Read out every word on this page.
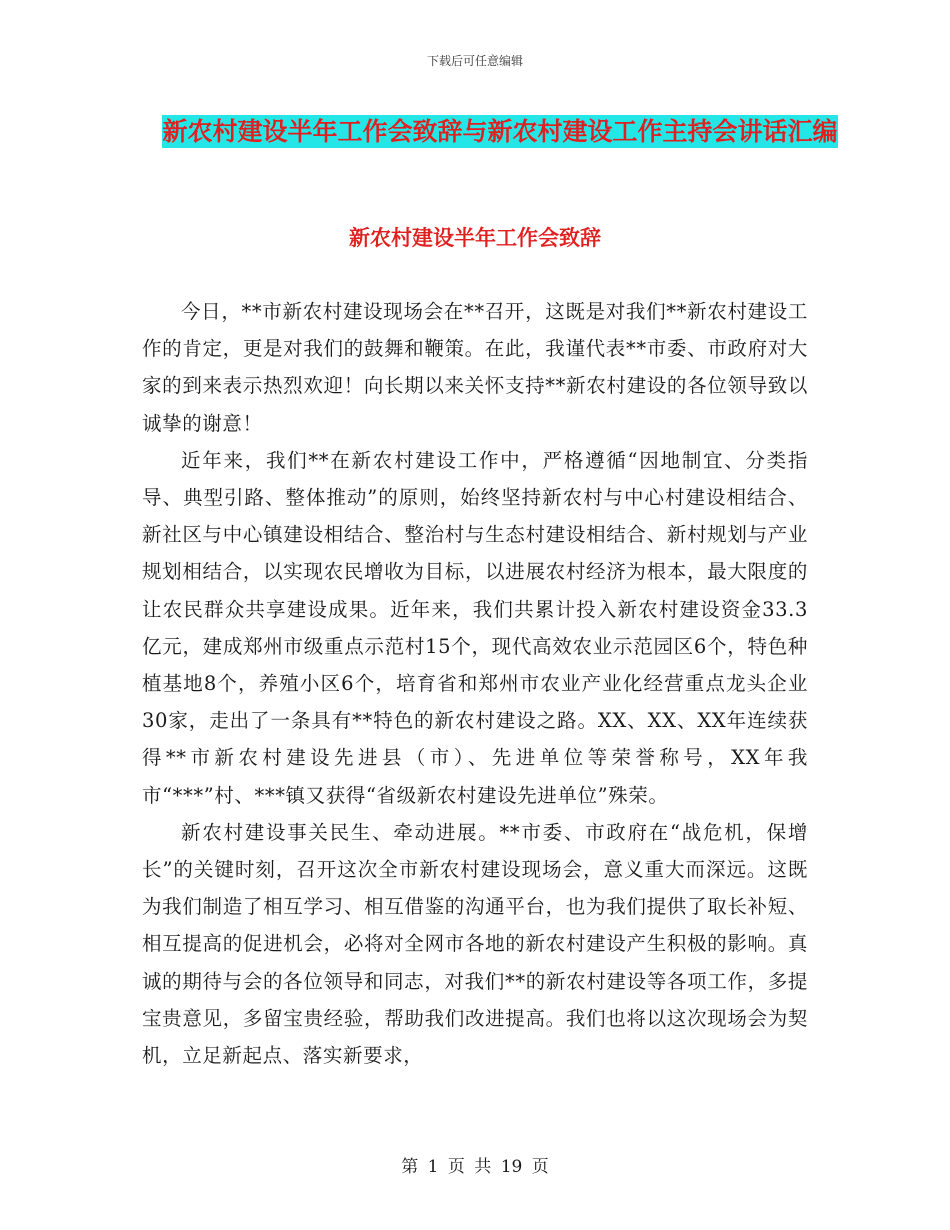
下载后可任意编辑
新农村建设半年工作会致辞与新农村建设工作主持会讲话汇编
新农村建设半年工作会致辞

今日，**市新农村建设现场会在**召开，这既是对我们**新农村建设工作的肯定，更是对我们的鼓舞和鞭策。在此，我谨代表**市委、市政府对大家的到来表示热烈欢迎！向长期以来关怀支持**新农村建设的各位领导致以诚挚的谢意！

近年来，我们**在新农村建设工作中，严格遵循“因地制宜、分类指导、典型引路、整体推动”的原则，始终坚持新农村与中心村建设相结合、新社区与中心镇建设相结合、整治村与生态村建设相结合、新村规划与产业规划相结合，以实现农民增收为目标，以进展农村经济为根本，最大限度的让农民群众共享建设成果。近年来，我们共累计投入新农村建设资金33.3亿元，建成郑州市级重点示范村15个，现代高效农业示范园区6个，特色种植基地8个，养殖小区6个，培育省和郑州市农业产业化经营重点龙头企业30家，走出了一条具有**特色的新农村建设之路。XX、XX、XX年连续获得**市新农村建设先进县（市）、先进单位等荣誉称号，XX年我市“***”村、***镇又获得“省级新农村建设先进单位”殊荣。

新农村建设事关民生、牵动进展。**市委、市政府在“战危机，保增长”的关键时刻，召开这次全市新农村建设现场会，意义重大而深远。这既为我们制造了相互学习、相互借鉴的沟通平台，也为我们提供了取长补短、相互提高的促进机会，必将对全网市各地的新农村建设产生积极的影响。真诚的期待与会的各位领导和同志，对我们**的新农村建设等各项工作，多提宝贵意见，多留宝贵经验，帮助我们改进提高。我们也将以这次现场会为契机，立足新起点、落实新要求，

第 1 页 共 19 页
